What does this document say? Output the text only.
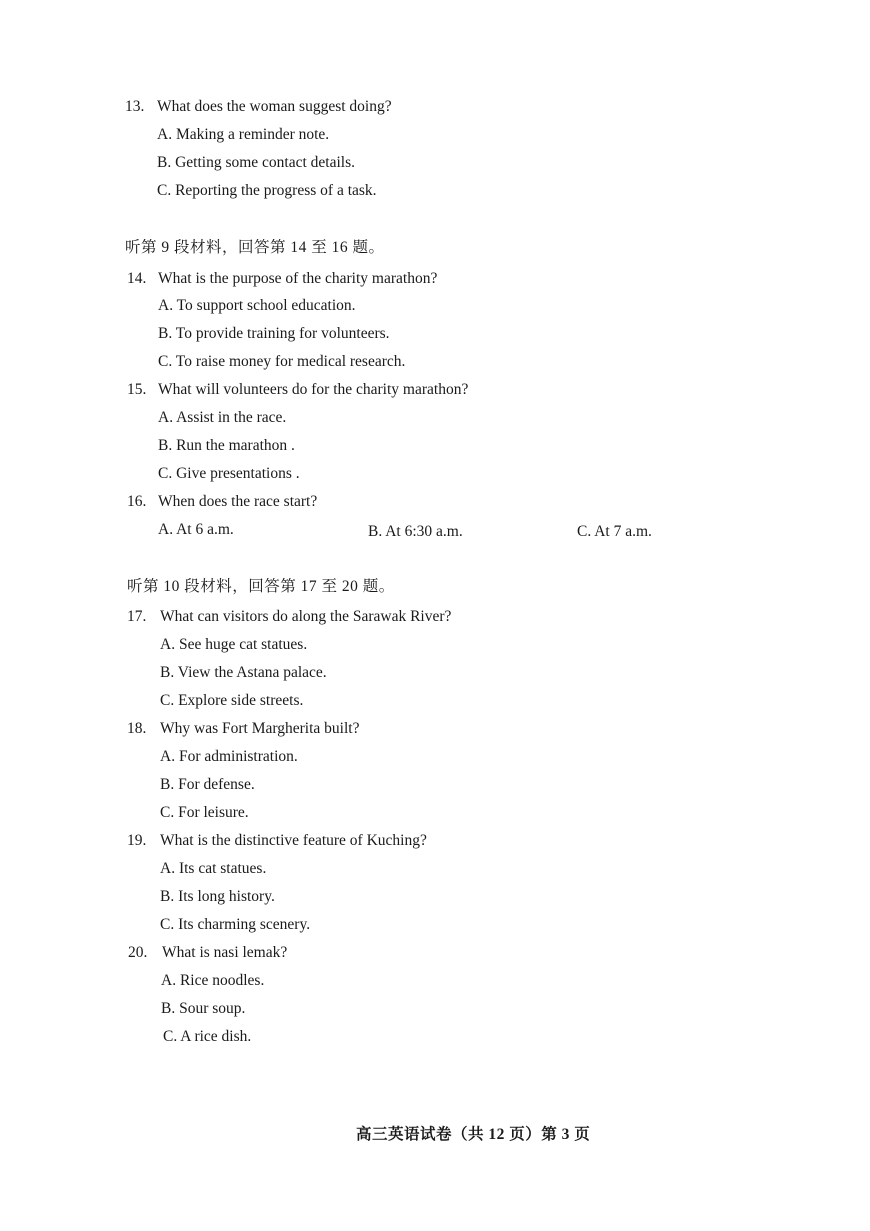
13. What does the woman suggest doing?
A. Making a reminder note.
B. Getting some contact details.
C. Reporting the progress of a task.
听第 9 段材料，回答第 14 至 16 题。
14. What is the purpose of the charity marathon?
A. To support school education.
B. To provide training for volunteers.
C. To raise money for medical research.
15. What will volunteers do for the charity marathon?
A. Assist in the race.
B. Run the marathon .
C. Give presentations .
16. When does the race start?
A. At 6 a.m.	B. At 6:30 a.m.	C. At 7 a.m.
听第 10 段材料，回答第 17 至 20 题。
17. What can visitors do along the Sarawak River?
A. See huge cat statues.
B. View the Astana palace.
C. Explore side streets.
18. Why was Fort Margherita built?
A. For administration.
B. For defense.
C. For leisure.
19. What is the distinctive feature of Kuching?
A. Its cat statues.
B. Its long history.
C. Its charming scenery.
20. What is nasi lemak?
A. Rice noodles.
B. Sour soup.
C. A rice dish.
高三英语试卷（共 12 页）第 3 页
